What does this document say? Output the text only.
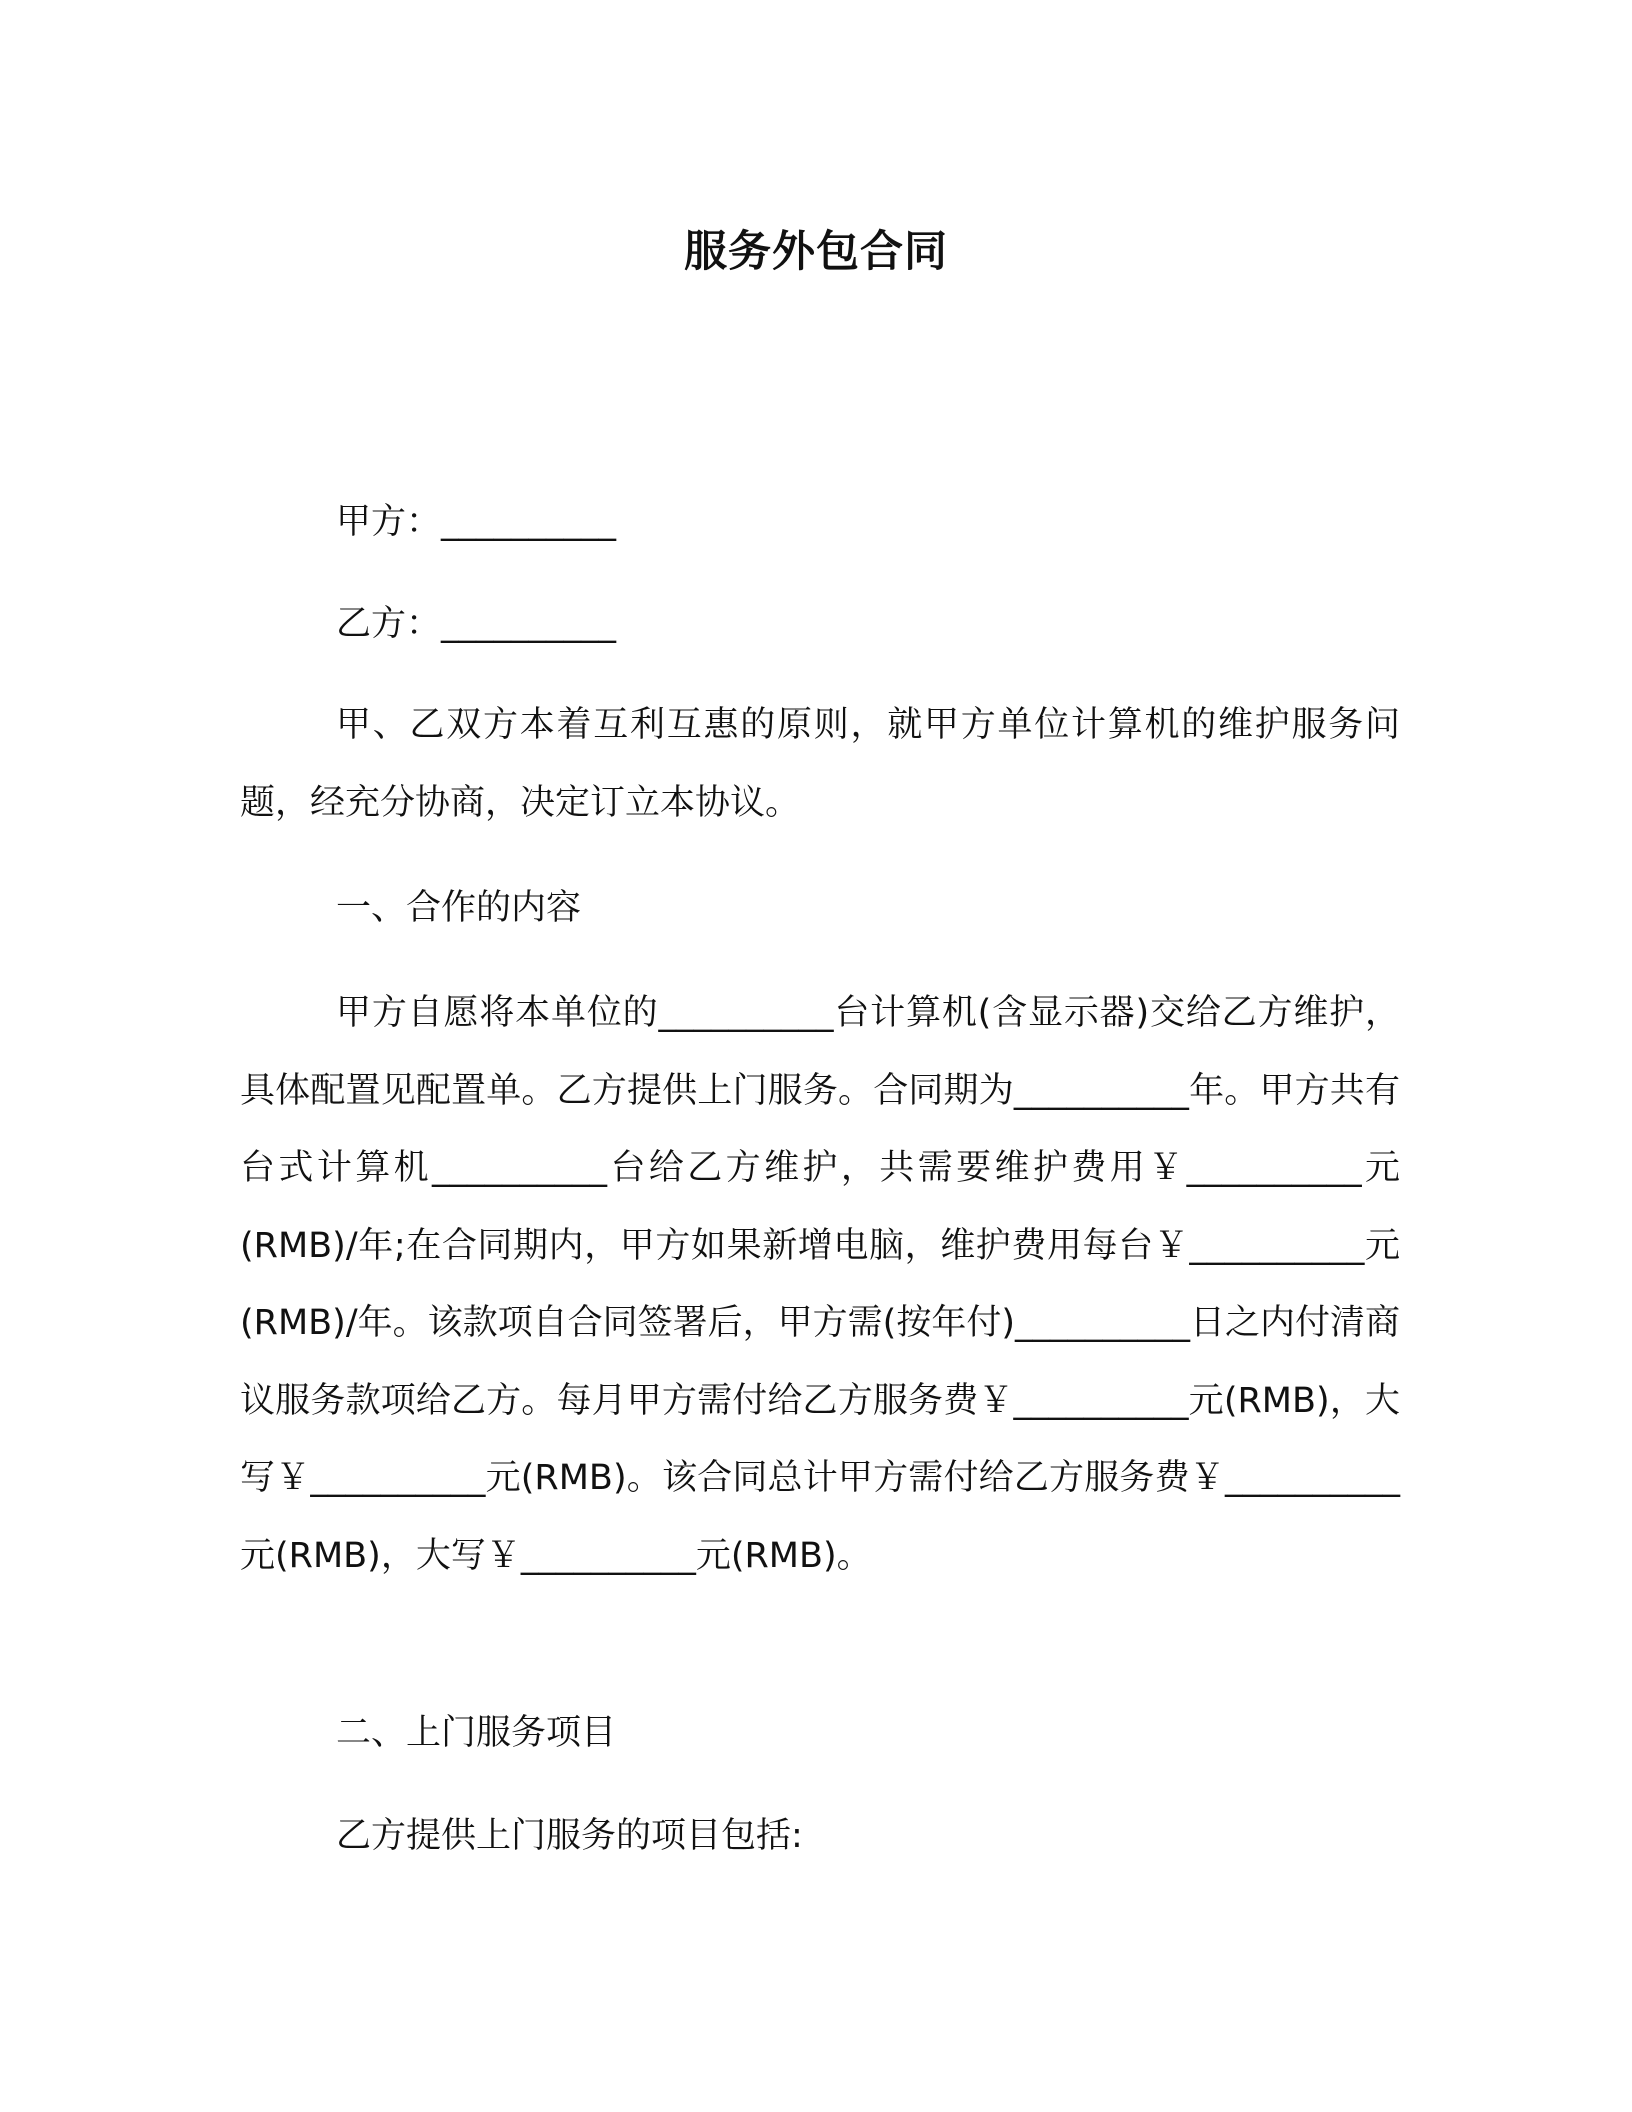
服务外包合同
甲方：__________
乙方：__________

甲、乙双方本着互利互惠的原则，就甲方单位计算机的维护服务问题，经充分协商，决定订立本协议。

一、合作的内容

甲方自愿将本单位的__________台计算机(含显示器)交给乙方维护，具体配置见配置单。乙方提供上门服务。合同期为__________年。甲方共有台式计算机__________台给乙方维护，共需要维护费用￥__________元(RMB)/年;在合同期内，甲方如果新增电脑，维护费用每台￥__________元(RMB)/年。该款项自合同签署后，甲方需(按年付)__________日之内付清商议服务款项给乙方。每月甲方需付给乙方服务费￥__________元(RMB)，大写￥__________元(RMB)。该合同总计甲方需付给乙方服务费￥__________元(RMB)，大写￥__________元(RMB)。

二、上门服务项目
乙方提供上门服务的项目包括:
